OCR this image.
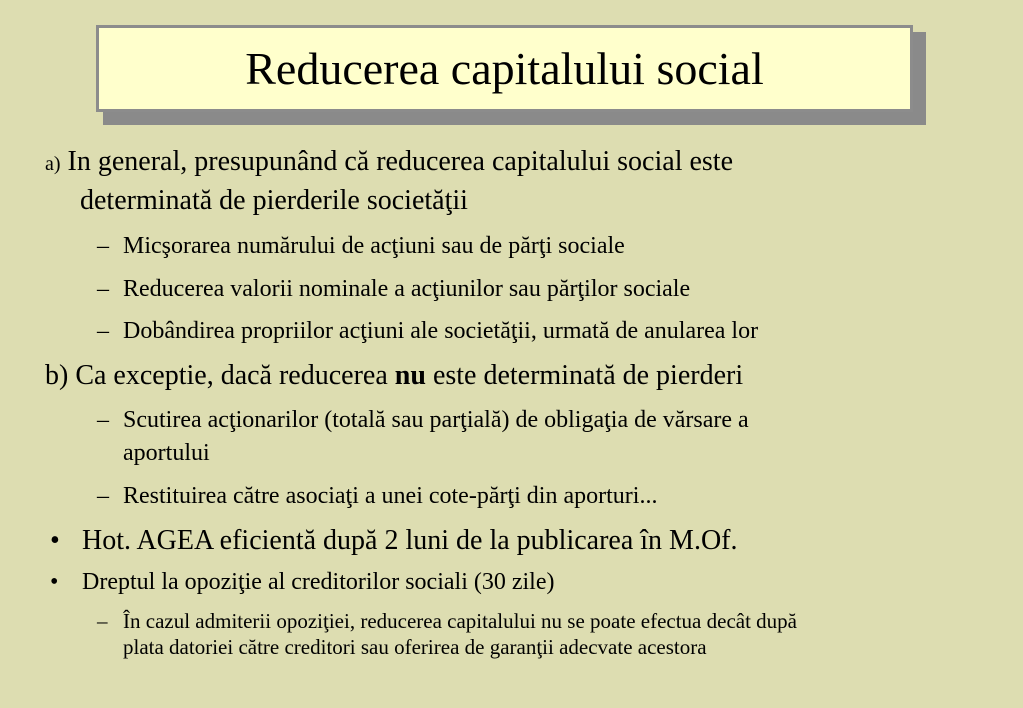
Reducerea capitalului social
a) In general, presupunând că reducerea capitalului social este
determinată de pierderile societăţii
– Micşorarea numărului de acţiuni sau de părţi sociale
– Reducerea valorii nominale a acţiunilor sau părţilor sociale
– Dobândirea propriilor acţiuni ale societăţii, urmată de anularea lor
b) Ca exceptie, dacă reducerea nu este determinată de pierderi
– Scutirea acţionarilor (totală sau parţială) de obligaţia de vărsare a
aportului
– Restituirea către asociaţi a unei cote-părţi din aporturi...
• Hot. AGEA eficientă după 2 luni de la publicarea în M.Of.
• Dreptul la opoziţie al creditorilor sociali (30 zile)
– În cazul admiterii opoziţiei, reducerea capitalului nu se poate efectua decât după
plata datoriei către creditori sau oferirea de garanţii adecvate acestora
